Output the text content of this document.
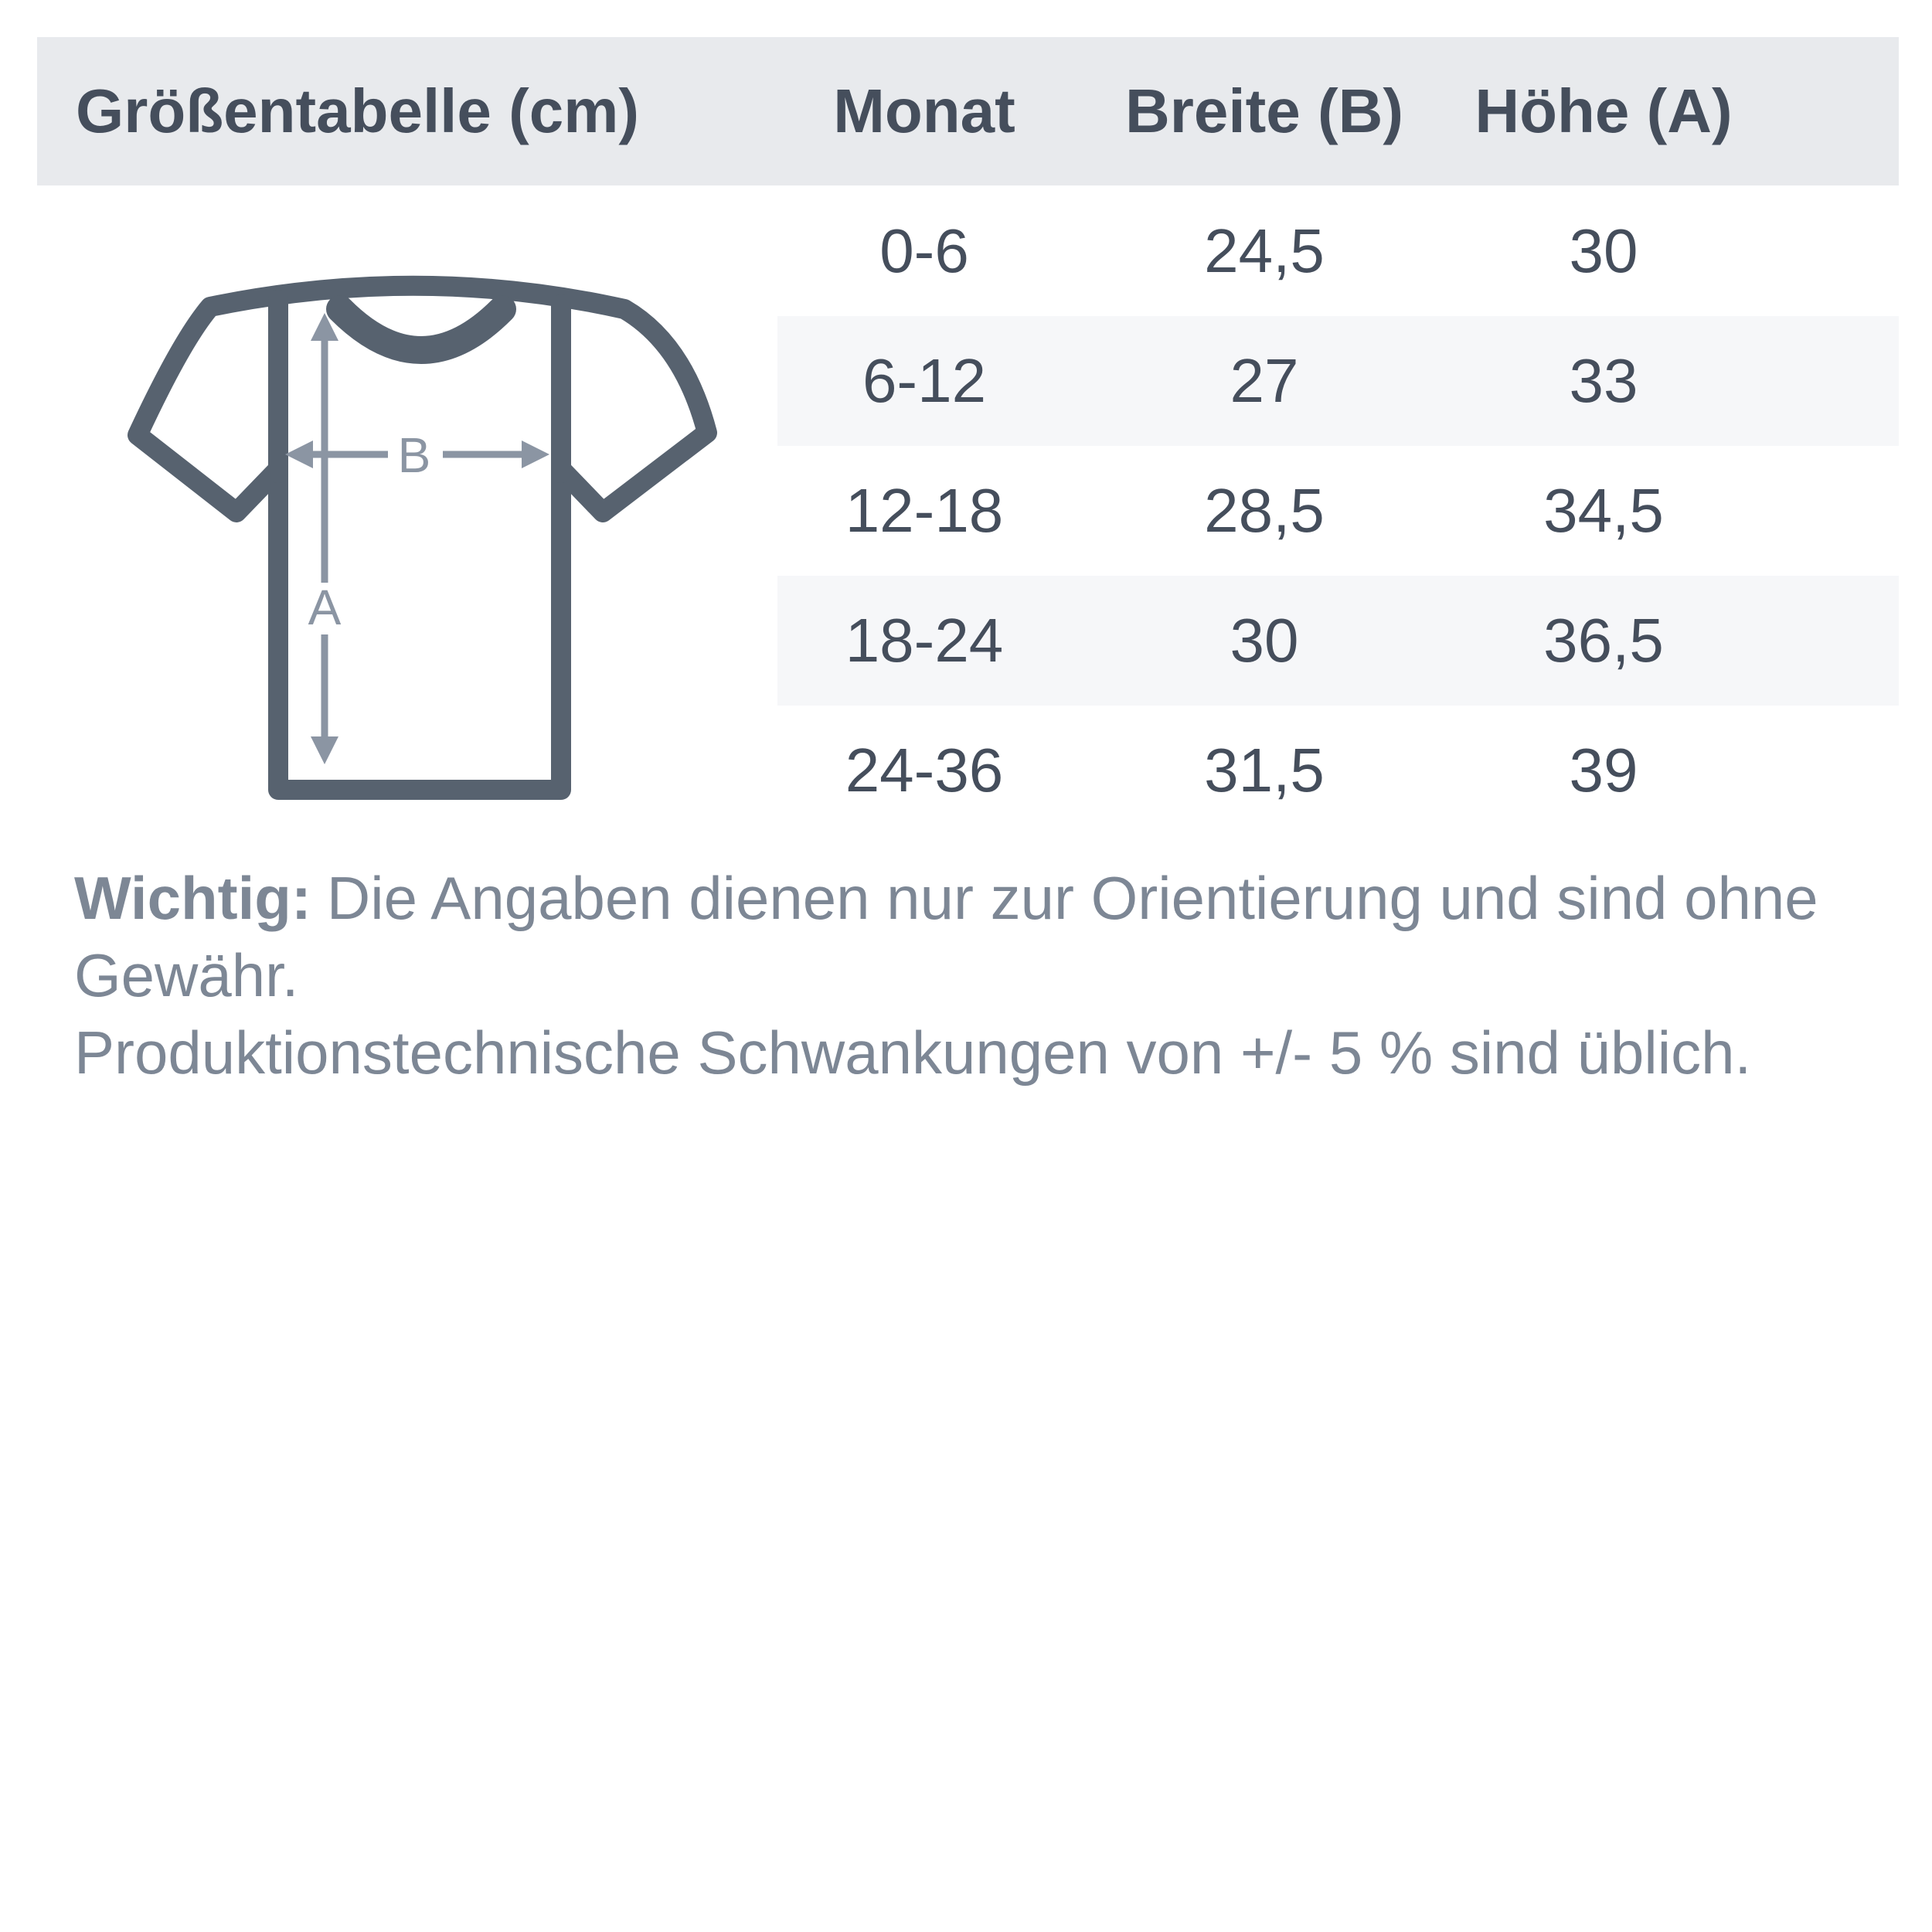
Größentabelle (cm)	Monat Breite (B) Höhe (A)
A
B
0-6	24,5	30
6-12	27	33
12-18	28,5	34,5
18-24	30	36,5
24-36	31,5	39
Wichtig: Die Angaben dienen nur zur Orientierung und sind ohne Gewähr.
Produktionstechnische Schwankungen von +/- 5 % sind üblich.
